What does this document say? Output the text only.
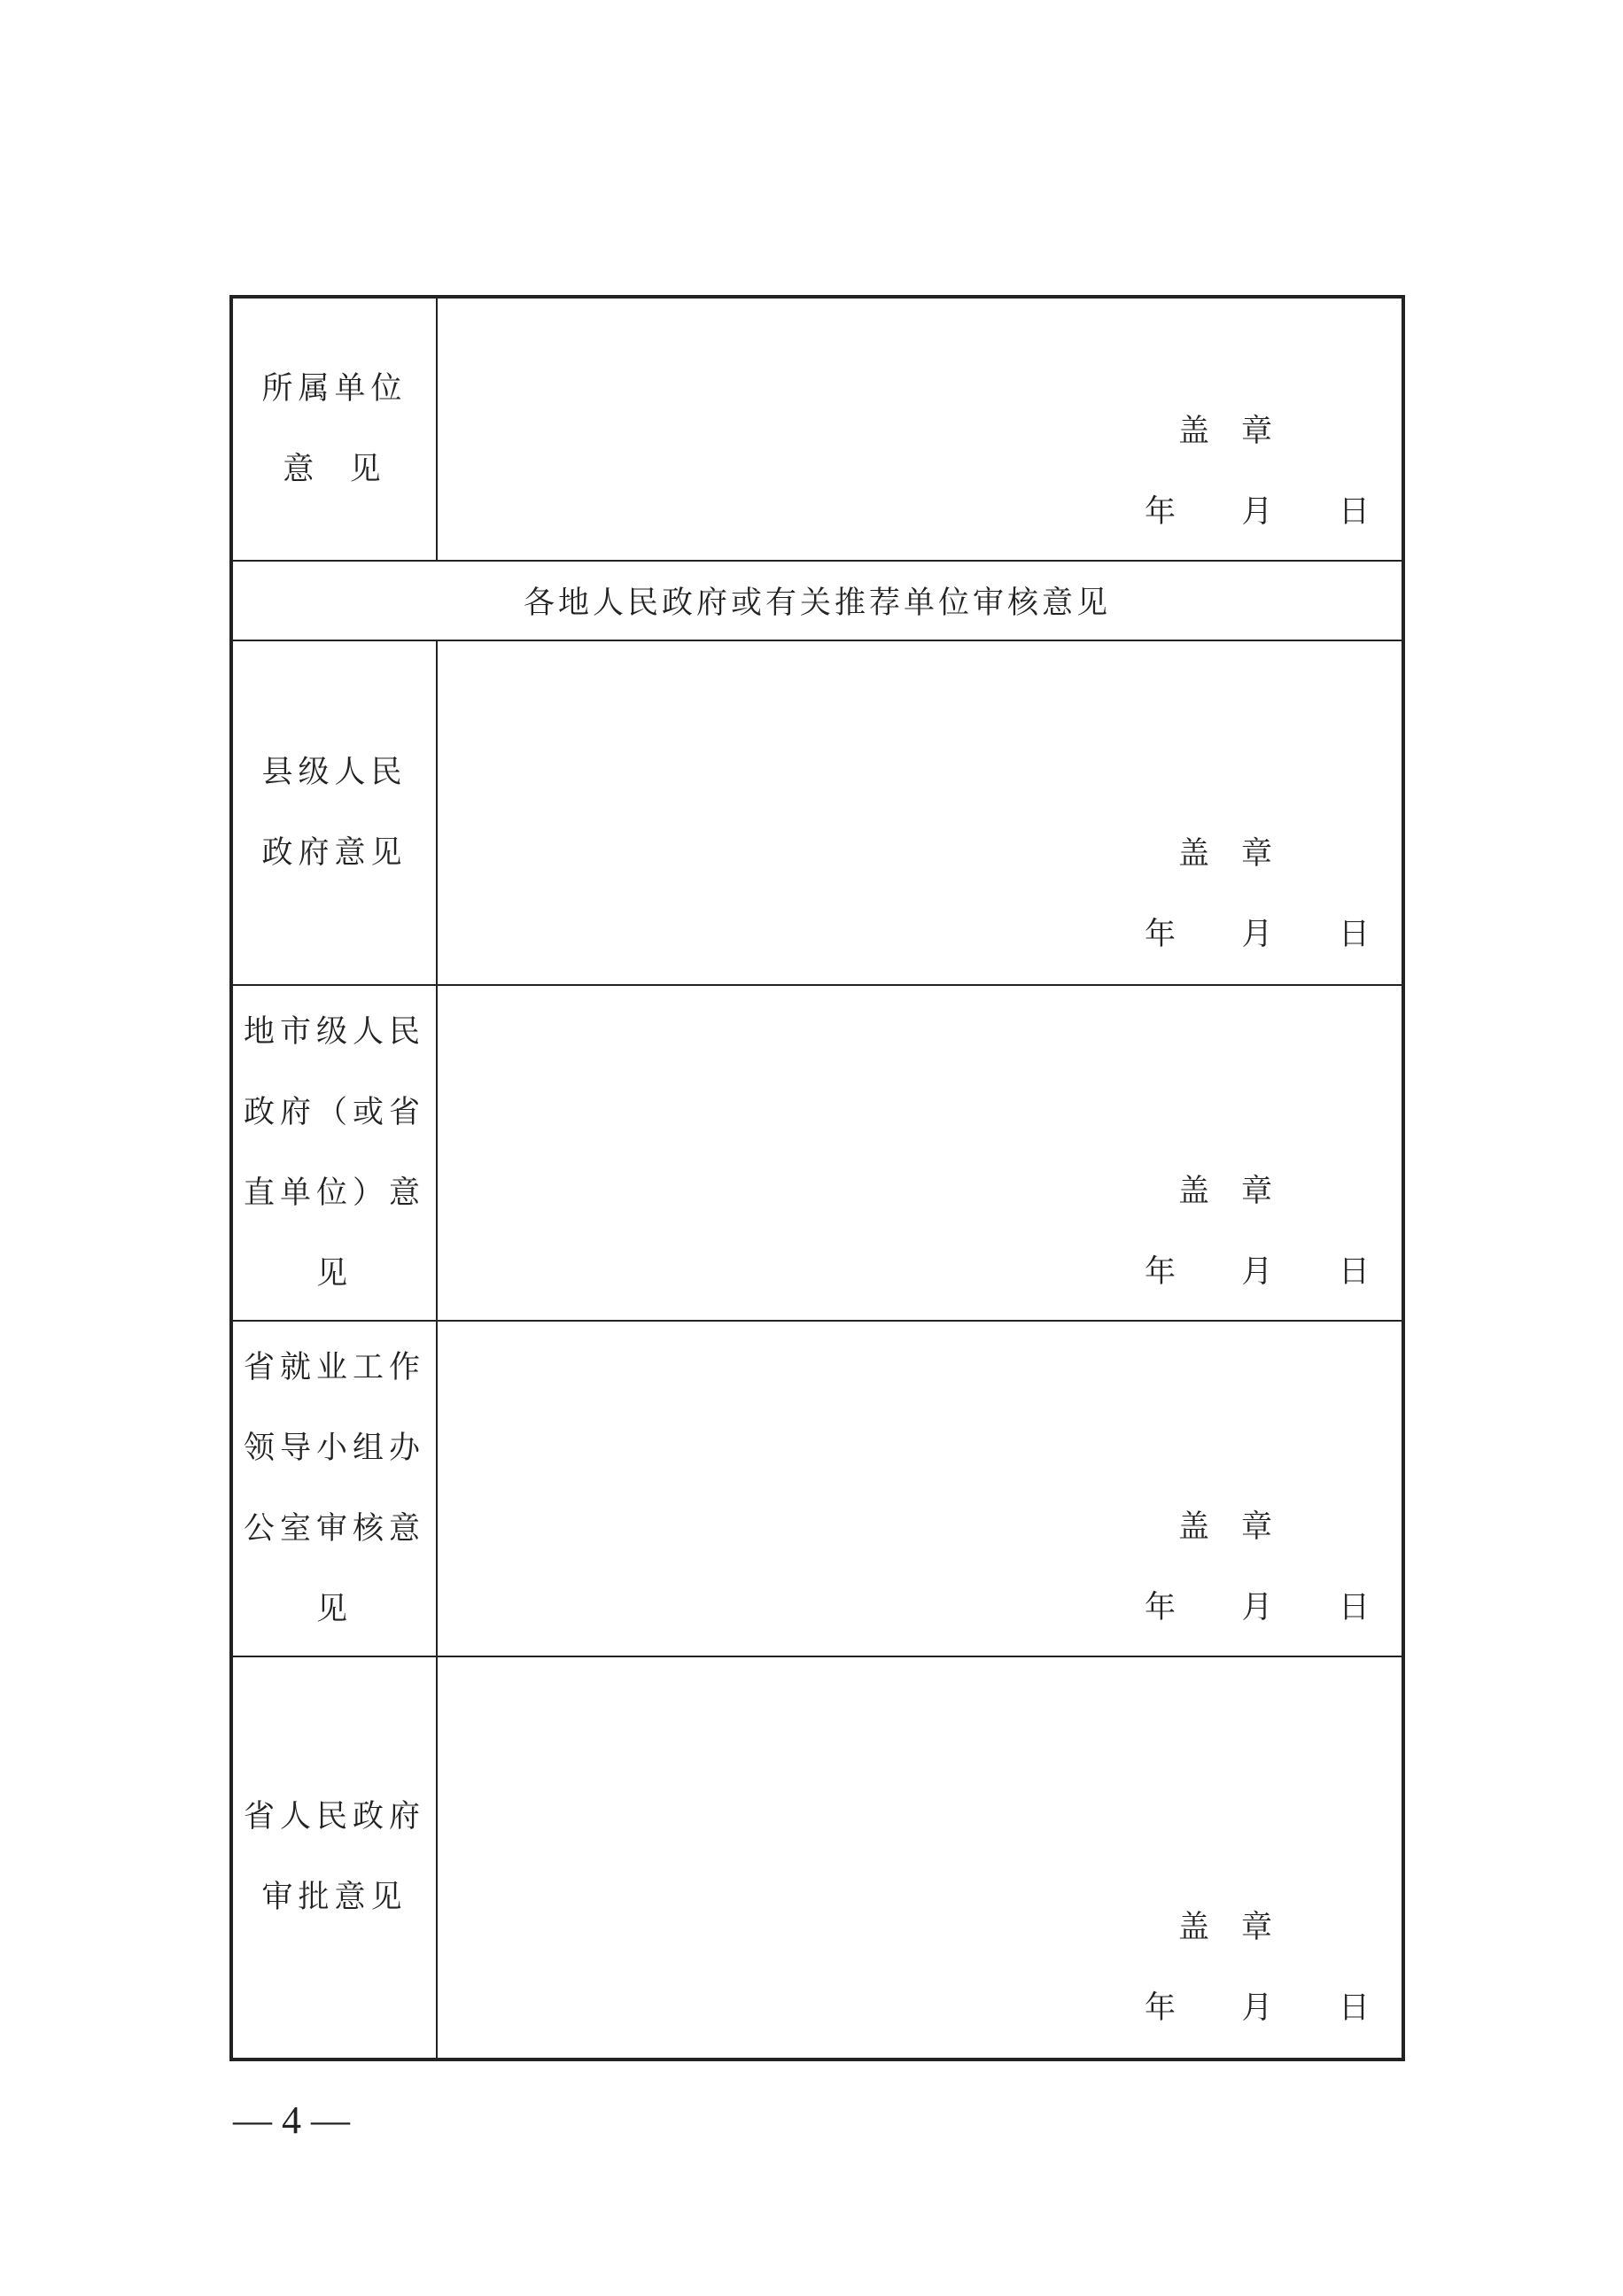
所属单位
意  见	盖章
年 月 日

各地人民政府或有关推荐单位审核意见	

县级人民
政府意见	盖章
年 月 日

地市级人民
政府（或省
直单位）意
见	盖章
年 月 日

省就业工作
领导小组办
公室审核意
见	盖章
年 月 日

省人民政府
审批意见	盖章
年 月 日
— 4 —
